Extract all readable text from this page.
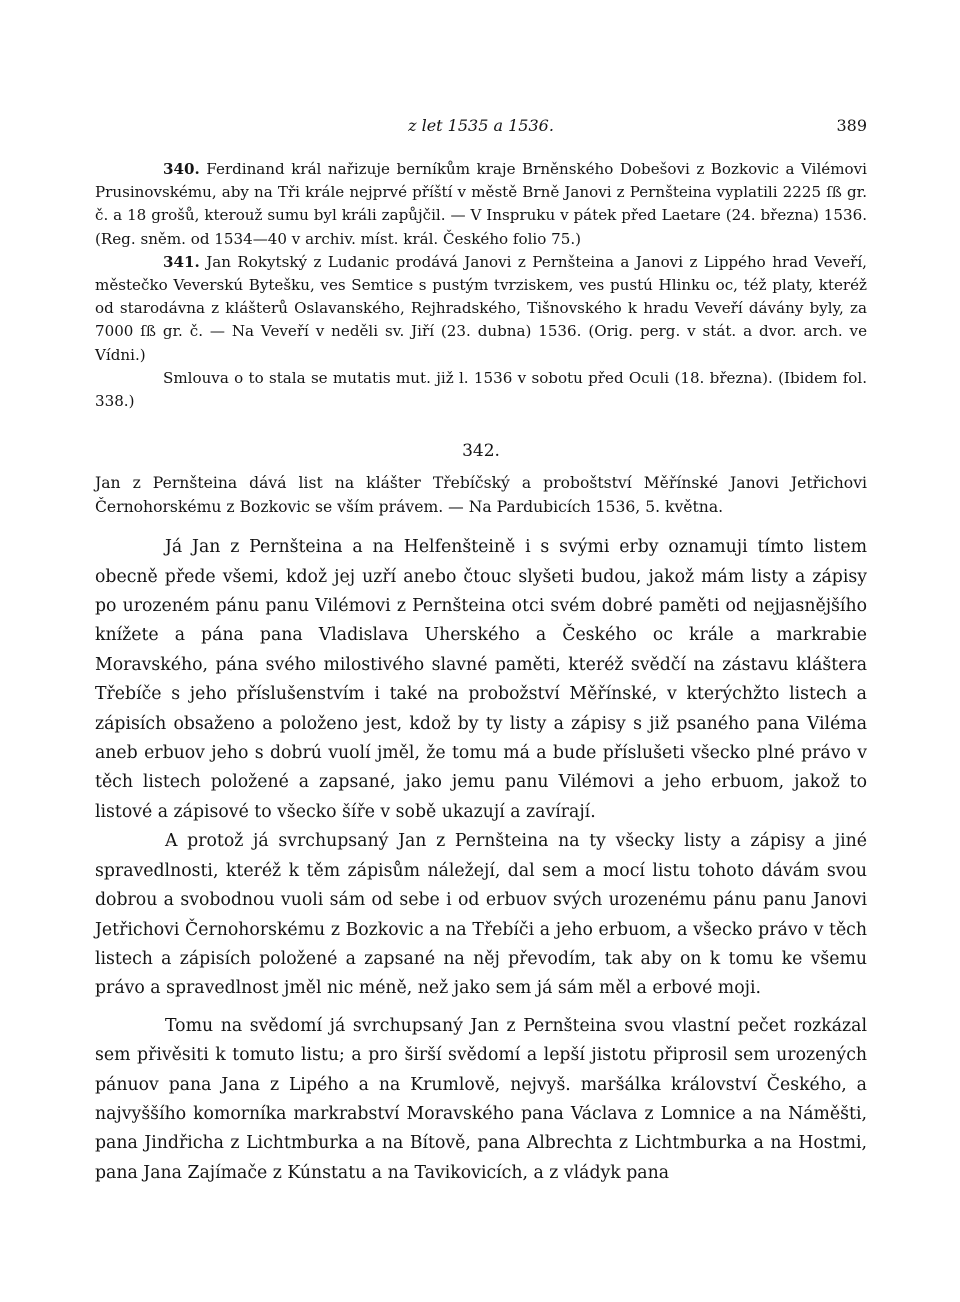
z let 1535 a 1536.	389

340. Ferdinand král nařizuje berníkům kraje Brněnského Dobešovi z Bozkovic a Vilémovi Prusinovskému, aby na Tři krále nejprvé příští v městě Brně Janovi z Pernšteina vyplatili 2225 ſß gr. č. a 18 grošů, kterouž sumu byl králi zapůjčil. — V Inspruku v pátek před Laetare (24. března) 1536. (Reg. sněm. od 1534—40 v archiv. míst. král. Českého folio 75.)

341. Jan Rokytský z Ludanic prodává Janovi z Pernšteina a Janovi z Lippého hrad Veveří, městečko Veverskú Bytešku, ves Semtice s pustým tvrziskem, ves pustú Hlinku oc, též platy, kteréž od starodávna z klášterů Oslavanského, Rejhradského, Tišnovského k hradu Veveří dávány byly, za 7000 ſß gr. č. — Na Veveří v neděli sv. Jiří (23. dubna) 1536. (Orig. perg. v stát. a dvor. arch. ve Vídni.)

Smlouva o to stala se mutatis mut. již l. 1536 v sobotu před Oculi (18. března). (Ibidem fol. 338.)

342.

Jan z Pernšteina dává list na klášter Třebíčský a proboštství Měřínské Janovi Jetřichovi Černohorskému z Bozkovic se vším právem. — Na Pardubicích 1536, 5. května.

Já Jan z Pernšteina a na Helfenšteině i s svými erby oznamuji tímto listem obecně přede všemi, kdož jej uzří anebo čtouc slyšeti budou, jakož mám listy a zápisy po urozeném pánu panu Vilémovi z Pernšteina otci svém dobré paměti od nejjasnějšího knížete a pána pana Vladislava Uherského a Českého oc krále a markrabie Moravského, pána svého milostivého slavné paměti, kteréž svědčí na zástavu kláštera Třebíče s jeho příslušenstvím i také na probožství Měřínské, v kterýchžto listech a zápisích obsaženo a položeno jest, kdož by ty listy a zápisy s již psaného pana Viléma aneb erbuov jeho s dobrú vuolí jměl, že tomu má a bude příslušeti všecko plné právo v těch listech položené a zapsané, jako jemu panu Vilémovi a jeho erbuom, jakož to listové a zápisové to všecko šíře v sobě ukazují a zavírají.

A protož já svrchupsaný Jan z Pernšteina na ty všecky listy a zápisy a jiné spravedlnosti, kteréž k těm zápisům náležejí, dal sem a mocí listu tohoto dávám svou dobrou a svobodnou vuoli sám od sebe i od erbuov svých urozenému pánu panu Janovi Jetřichovi Černohorskému z Bozkovic a na Třebíči a jeho erbuom, a všecko právo v těch listech a zápisích položené a zapsané na něj převodím, tak aby on k tomu ke všemu právo a spravedlnost jměl nic méně, než jako sem já sám měl a erbové moji.

Tomu na svědomí já svrchupsaný Jan z Pernšteina svou vlastní pečet rozkázal sem přivěsiti k tomuto listu; a pro širší svědomí a lepší jistotu připrosil sem urozených pánuov pana Jana z Lipého a na Krumlově, nejvyš. maršálka království Českého, a najvyššího komorníka markrabství Moravského pana Václava z Lomnice a na Náměšti, pana Jindřicha z Lichtmburka a na Bítově, pana Albrechta z Lichtmburka a na Hostmi, pana Jana Zajímače z Kúnstatu a na Tavikovicích, a z vládyk pana
